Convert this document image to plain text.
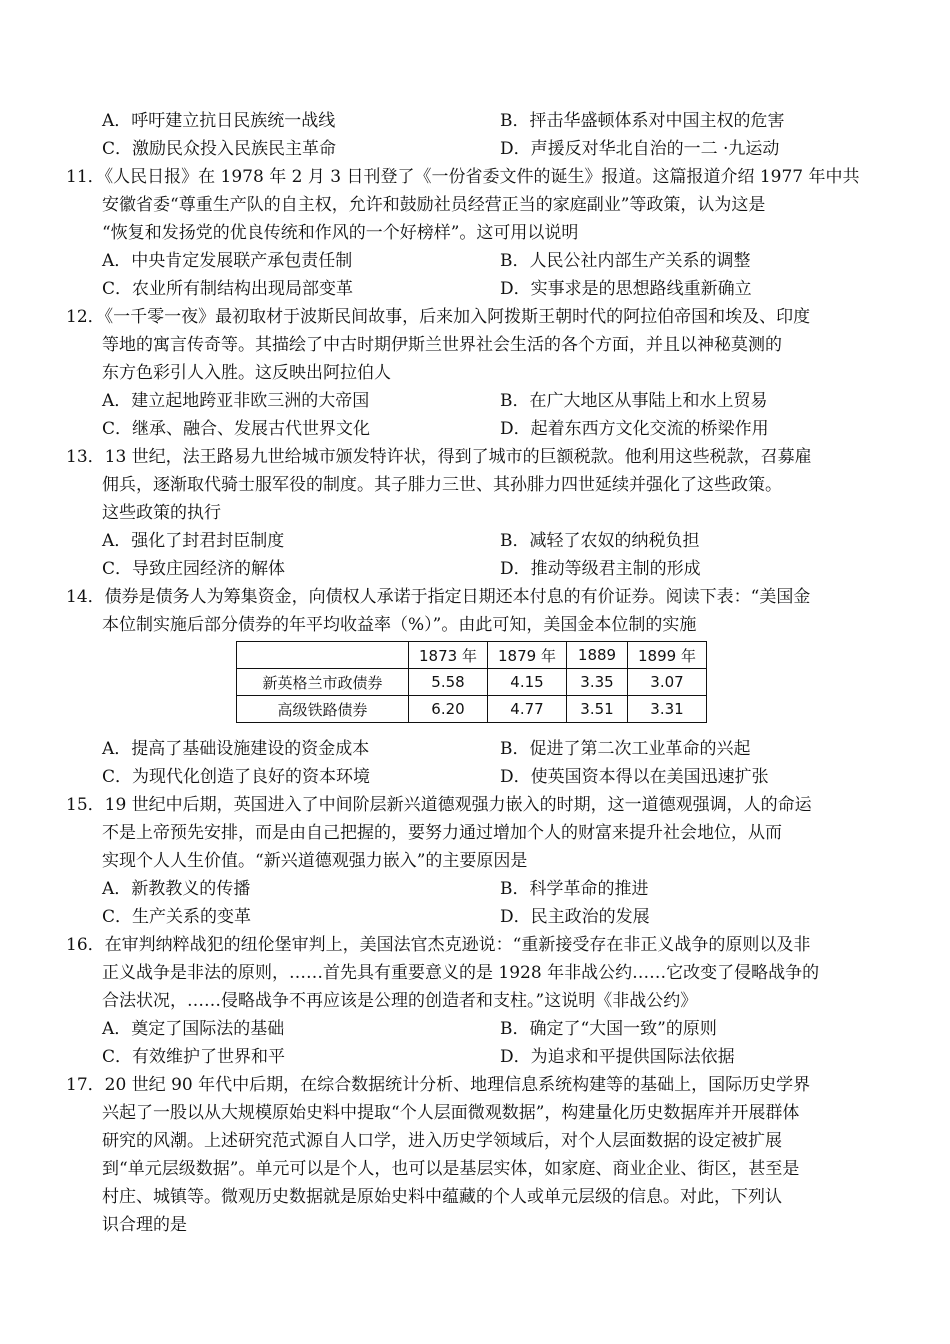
A．呼吁建立抗日民族统一战线	B．抨击华盛顿体系对中国主权的危害
C．激励民众投入民族民主革命	D．声援反对华北自治的一二 ·九运动
11．《人民日报》在 1978 年 2 月 3 日刊登了《一份省委文件的诞生》报道。这篇报道介绍 1977 年中共
安徽省委“尊重生产队的自主权，允许和鼓励社员经营正当的家庭副业”等政策，认为这是
“恢复和发扬党的优良传统和作风的一个好榜样”。这可用以说明
A．中央肯定发展联产承包责任制	B．人民公社内部生产关系的调整
C．农业所有制结构出现局部变革	D．实事求是的思想路线重新确立
12．《一千零一夜》最初取材于波斯民间故事，后来加入阿拨斯王朝时代的阿拉伯帝国和埃及、印度
等地的寓言传奇等。其描绘了中古时期伊斯兰世界社会生活的各个方面，并且以神秘莫测的
东方色彩引人入胜。这反映出阿拉伯人
A．建立起地跨亚非欧三洲的大帝国	B．在广大地区从事陆上和水上贸易
C．继承、融合、发展古代世界文化	D．起着东西方文化交流的桥梁作用
13．13 世纪，法王路易九世给城市颁发特许状，得到了城市的巨额税款。他利用这些税款，召募雇
佣兵，逐渐取代骑士服军役的制度。其子腓力三世、其孙腓力四世延续并强化了这些政策。
这些政策的执行
A．强化了封君封臣制度	B．减轻了农奴的纳税负担
C．导致庄园经济的解体	D．推动等级君主制的形成
14．债券是债务人为筹集资金，向债权人承诺于指定日期还本付息的有价证券。阅读下表：“美国金
本位制实施后部分债券的年平均收益率（%）”。由此可知，美国金本位制的实施
	1873 年	1879 年	1889	1899 年
新英格兰市政债券	5.58	4.15	3.35	3.07
高级铁路债券	6.20	4.77	3.51	3.31
A．提高了基础设施建设的资金成本	B．促进了第二次工业革命的兴起
C．为现代化创造了良好的资本环境	D．使英国资本得以在美国迅速扩张
15．19 世纪中后期，英国进入了中间阶层新兴道德观强力嵌入的时期，这一道德观强调，人的命运
不是上帝预先安排，而是由自己把握的，要努力通过增加个人的财富来提升社会地位，从而
实现个人人生价值。“新兴道德观强力嵌入”的主要原因是
A．新教教义的传播	B．科学革命的推进
C．生产关系的变革	D．民主政治的发展
16．在审判纳粹战犯的纽伦堡审判上，美国法官杰克逊说：“重新接受存在非正义战争的原则以及非
正义战争是非法的原则，……首先具有重要意义的是 1928 年非战公约……它改变了侵略战争的
合法状况，……侵略战争不再应该是公理的创造者和支柱。”这说明《非战公约》
A．奠定了国际法的基础	B．确定了“大国一致”的原则
C．有效维护了世界和平	D．为追求和平提供国际法依据
17．20 世纪 90 年代中后期，在综合数据统计分析、地理信息系统构建等的基础上，国际历史学界
兴起了一股以从大规模原始史料中提取“个人层面微观数据”，构建量化历史数据库并开展群体
研究的风潮。上述研究范式源自人口学，进入历史学领域后，对个人层面数据的设定被扩展
到“单元层级数据”。单元可以是个人，也可以是基层实体，如家庭、商业企业、街区，甚至是
村庄、城镇等。微观历史数据就是原始史料中蕴藏的个人或单元层级的信息。对此，下列认
识合理的是
